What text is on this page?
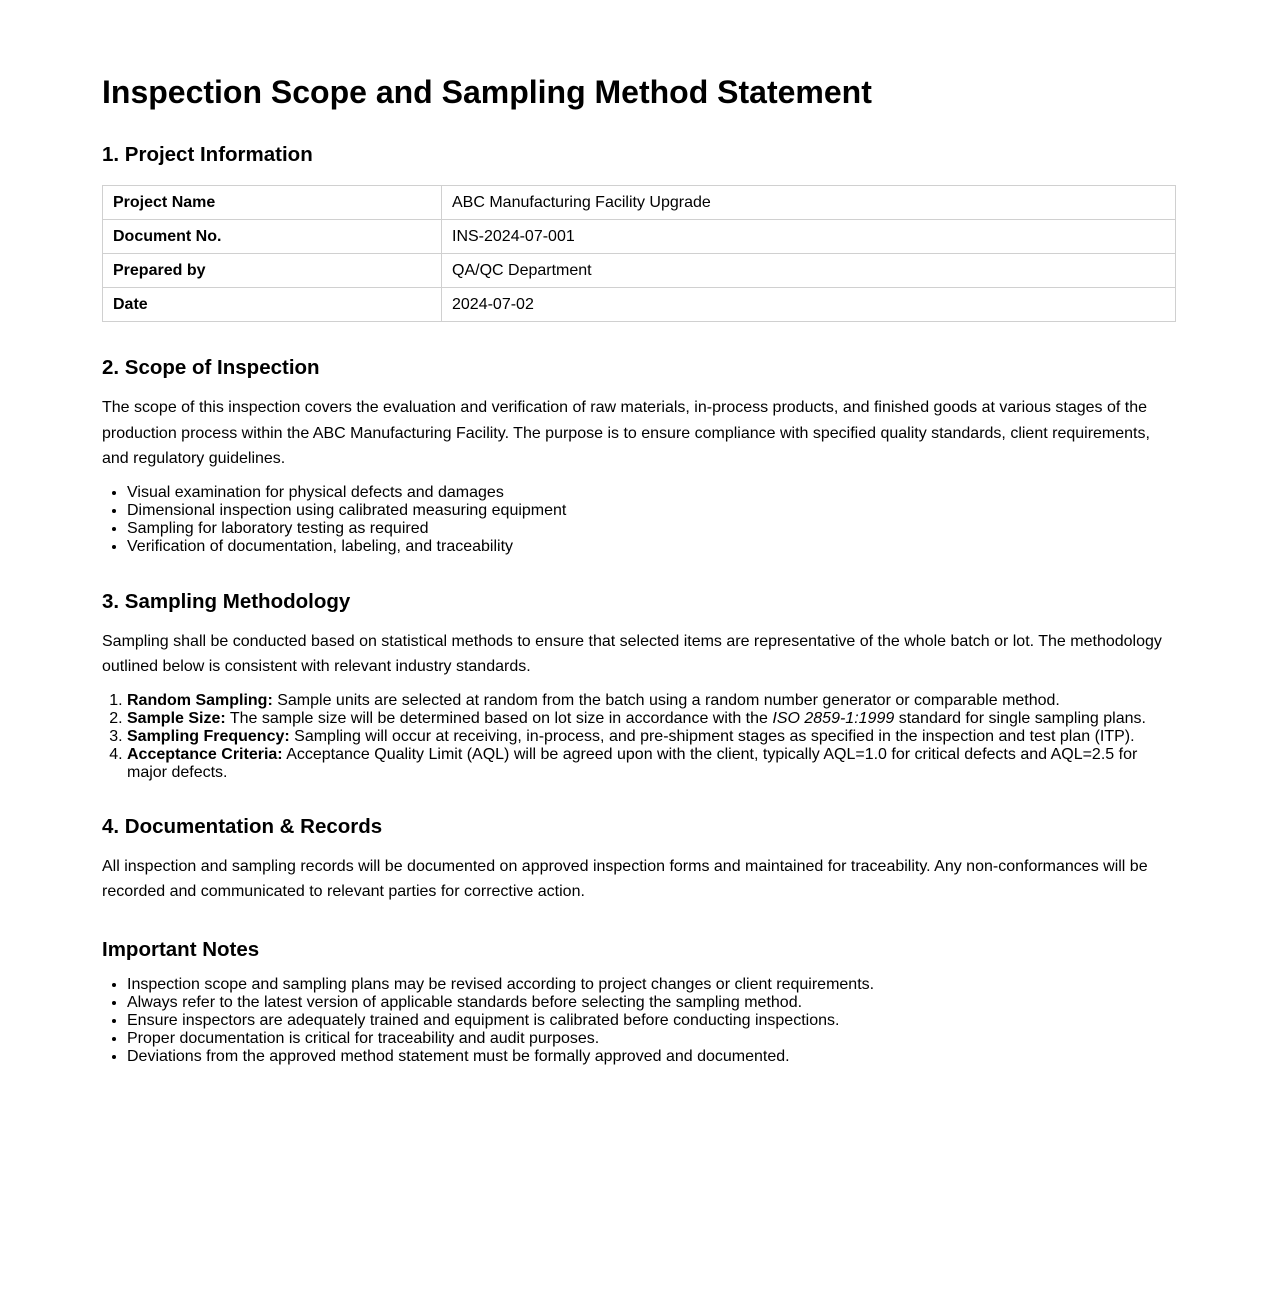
Inspection Scope and Sampling Method Statement
1. Project Information
Project Name	ABC Manufacturing Facility Upgrade
Document No.	INS-2024-07-001
Prepared by	QA/QC Department
Date	2024-07-02
2. Scope of Inspection

The scope of this inspection covers the evaluation and verification of raw materials, in-process products, and finished goods at various stages of the production process within the ABC Manufacturing Facility. The purpose is to ensure compliance with specified quality standards, client requirements, and regulatory guidelines.

• Visual examination for physical defects and damages
• Dimensional inspection using calibrated measuring equipment
• Sampling for laboratory testing as required
• Verification of documentation, labeling, and traceability
3. Sampling Methodology

Sampling shall be conducted based on statistical methods to ensure that selected items are representative of the whole batch or lot. The methodology outlined below is consistent with relevant industry standards.

1. Random Sampling: Sample units are selected at random from the batch using a random number generator or comparable method.
2. Sample Size: The sample size will be determined based on lot size in accordance with the ISO 2859-1:1999 standard for single sampling plans.
3. Sampling Frequency: Sampling will occur at receiving, in-process, and pre-shipment stages as specified in the inspection and test plan (ITP).
4. Acceptance Criteria: Acceptance Quality Limit (AQL) will be agreed upon with the client, typically AQL=1.0 for critical defects and AQL=2.5 for major defects.
4. Documentation & Records

All inspection and sampling records will be documented on approved inspection forms and maintained for traceability. Any non-conformances will be recorded and communicated to relevant parties for corrective action.

Important Notes
• Inspection scope and sampling plans may be revised according to project changes or client requirements.
• Always refer to the latest version of applicable standards before selecting the sampling method.
• Ensure inspectors are adequately trained and equipment is calibrated before conducting inspections.
• Proper documentation is critical for traceability and audit purposes.
• Deviations from the approved method statement must be formally approved and documented.
